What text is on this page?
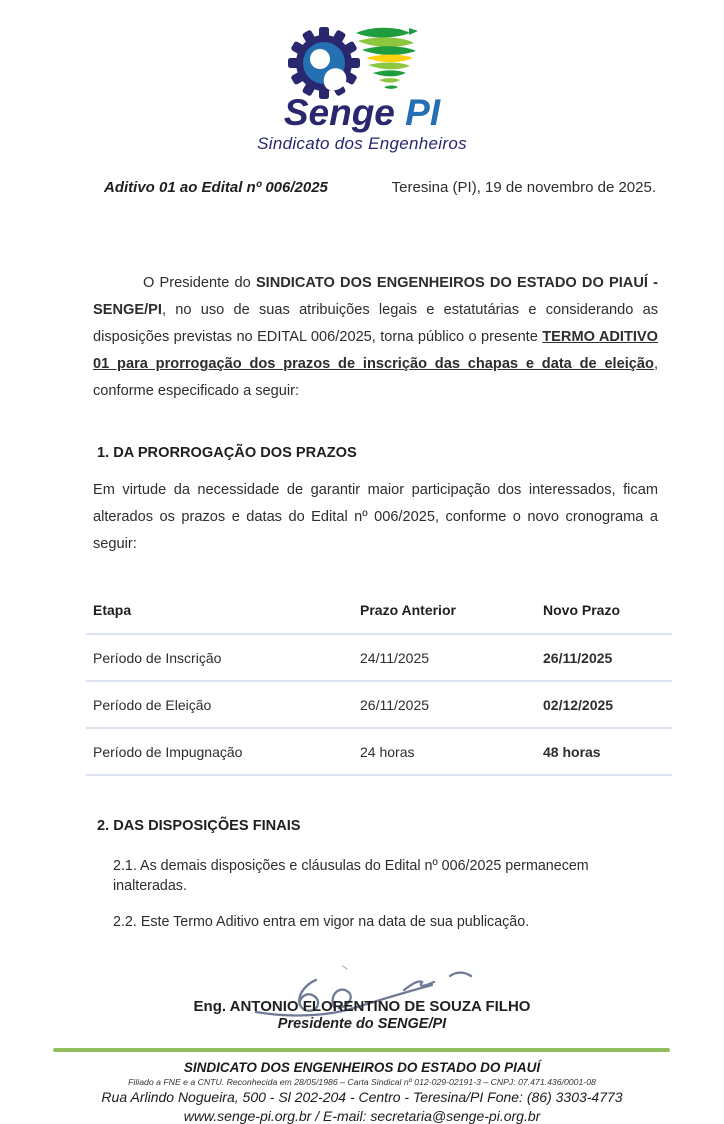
Senge PI
Sindicato dos Engenheiros
Aditivo 01 ao Edital nº 006/2025	Teresina (PI), 19 de novembro de 2025.

O Presidente do SINDICATO DOS ENGENHEIROS DO ESTADO DO PIAUÍ - SENGE/PI, no uso de suas atribuições legais e estatutárias e considerando as disposições previstas no EDITAL 006/2025, torna público o presente TERMO ADITIVO 01 para prorrogação dos prazos de inscrição das chapas e data de eleição, conforme especificado a seguir:

1. DA PRORROGAÇÃO DOS PRAZOS

Em virtude da necessidade de garantir maior participação dos interessados, ficam alterados os prazos e datas do Edital nº 006/2025, conforme o novo cronograma a seguir:

Etapa	Prazo Anterior	Novo Prazo
Período de Inscrição	24/11/2025	26/11/2025
Período de Eleição	26/11/2025	02/12/2025
Período de Impugnação	24 horas	48 horas
2. DAS DISPOSIÇÕES FINAIS

2.1. As demais disposições e cláusulas do Edital nº 006/2025 permanecem inalteradas.

2.2. Este Termo Aditivo entra em vigor na data de sua publicação.

Eng. ANTONIO FLORENTINO DE SOUZA FILHO
Presidente do SENGE/PI
SINDICATO DOS ENGENHEIROS DO ESTADO DO PIAUÍ
Filiado a FNE e a CNTU. Reconhecida em 28/05/1986 – Carta Sindical nº 012-029-02191-3 – CNPJ: 07.471.436/0001-08
Rua Arlindo Nogueira, 500 - Sl 202-204 - Centro - Teresina/PI Fone: (86) 3303-4773
www.senge-pi.org.br / E-mail: secretaria@senge-pi.org.br
